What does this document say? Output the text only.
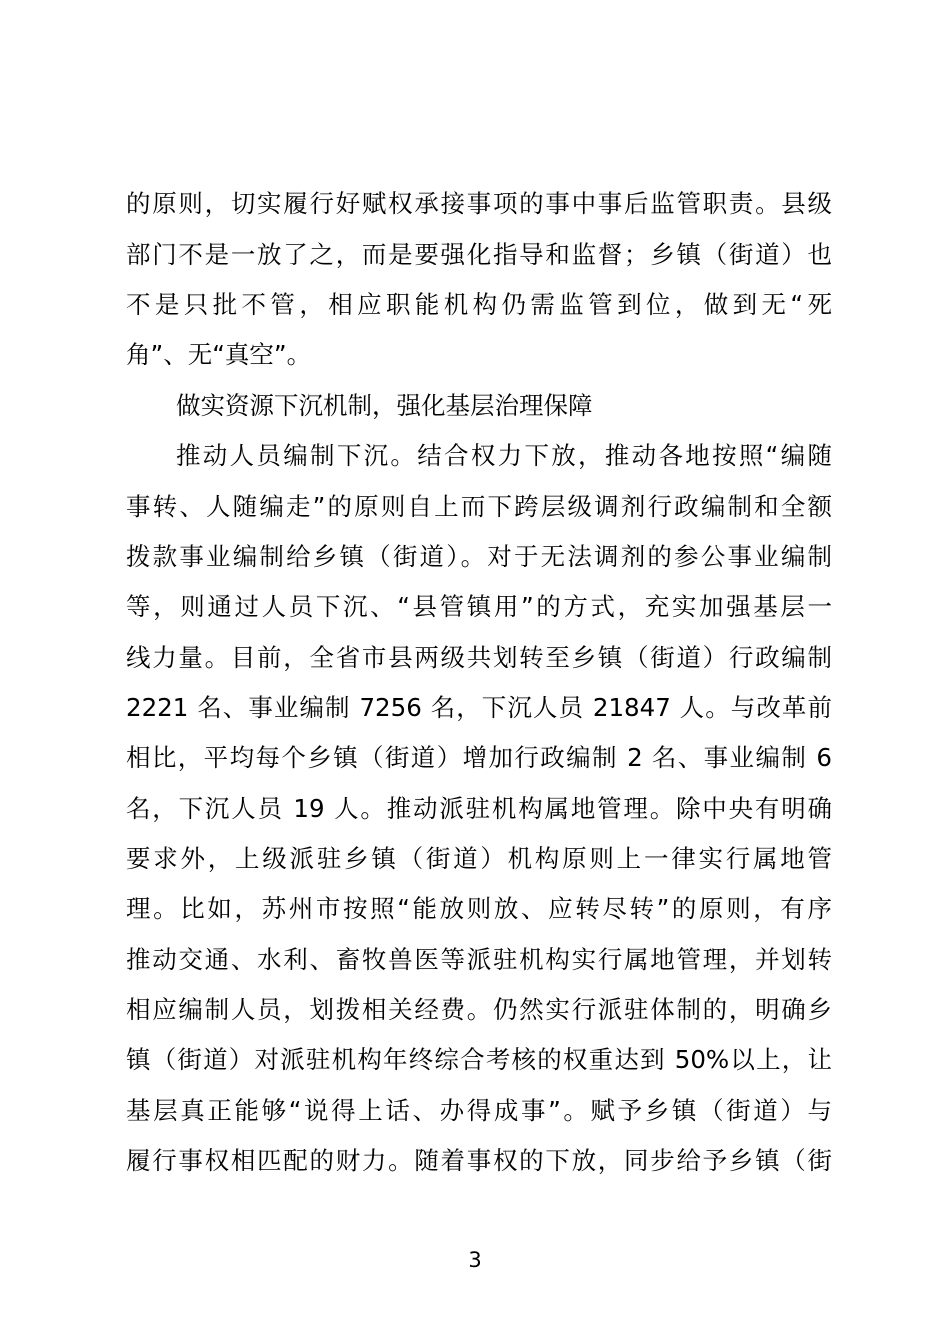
的原则，切实履行好赋权承接事项的事中事后监管职责。县级
部门不是一放了之，而是要强化指导和监督；乡镇（街道）也
不是只批不管，相应职能机构仍需监管到位，做到无“死
角”、无“真空”。
做实资源下沉机制，强化基层治理保障
推动人员编制下沉。结合权力下放，推动各地按照“编随
事转、人随编走”的原则自上而下跨层级调剂行政编制和全额
拨款事业编制给乡镇（街道）。对于无法调剂的参公事业编制
等，则通过人员下沉、“县管镇用”的方式，充实加强基层一
线力量。目前，全省市县两级共划转至乡镇（街道）行政编制
2221 名、事业编制 7256 名，下沉人员 21847 人。与改革前
相比，平均每个乡镇（街道）增加行政编制 2 名、事业编制 6
名，下沉人员 19 人。推动派驻机构属地管理。除中央有明确
要求外，上级派驻乡镇（街道）机构原则上一律实行属地管
理。比如，苏州市按照“能放则放、应转尽转”的原则，有序
推动交通、水利、畜牧兽医等派驻机构实行属地管理，并划转
相应编制人员，划拨相关经费。仍然实行派驻体制的，明确乡
镇（街道）对派驻机构年终综合考核的权重达到 50%以上，让
基层真正能够“说得上话、办得成事”。赋予乡镇（街道）与
履行事权相匹配的财力。随着事权的下放，同步给予乡镇（街
3
